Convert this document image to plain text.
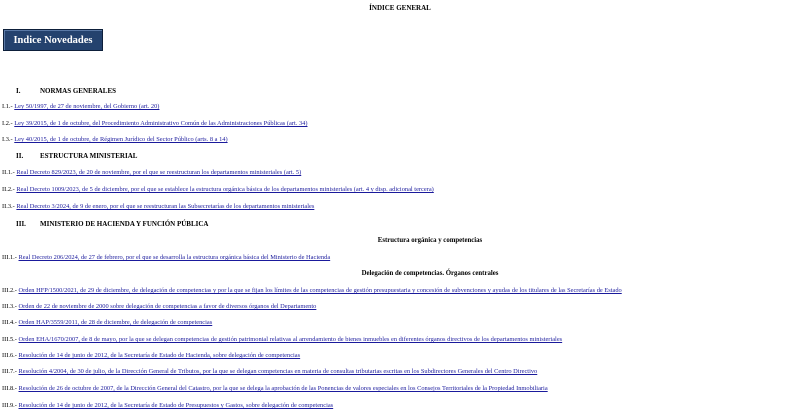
ÍNDICE GENERAL
Indice Novedades
I.	NORMAS GENERALES
I.1.- Ley 50/1997, de 27 de noviembre, del Gobierno (art. 20)
I.2.- Ley 39/2015, de 1 de octubre, del Procedimiento Administrativo Común de las Administraciones Públicas (art. 34)
I.3.- Ley 40/2015, de 1 de octubre, de Régimen Jurídico del Sector Público (arts. 8 a 14)
II. ESTRUCTURA MINISTERIAL
II.1.- Real Decreto 829/2023, de 20 de noviembre, por el que se reestructuran los departamentos ministeriales (art. 5)
II.2.- Real Decreto 1009/2023, de 5 de diciembre, por el que se establece la estructura orgánica básica de los departamentos ministeriales (art. 4 y disp. adicional tercera)
II.3.- Real Decreto 3/2024, de 9 de enero, por el que se reestructuran las Subsecretarías de los departamentos ministeriales
III. MINISTERIO DE HACIENDA Y FUNCIÓN PÚBLICA
Estructura orgánica y competencias
III.1.- Real Decreto 206/2024, de 27 de febrero, por el que se desarrolla la estructura orgánica básica del Ministerio de Hacienda
Delegación de competencias. Órganos centrales
III.2.- Orden HFP/1500/2021, de 29 de diciembre, de delegación de competencias y por la que se fijan los límites de las competencias de gestión presupuestaria y concesión de subvenciones y ayudas de los titulares de las Secretarías de Estado
III.3.- Orden de 22 de noviembre de 2000 sobre delegación de competencias a favor de diversos órganos del Departamento
III.4.- Orden HAP/3559/2011, de 28 de diciembre, de delegación de competencias
III.5.- Orden EHA/1670/2007, de 8 de mayo, por la que se delegan competencias de gestión patrimonial relativas al arrendamiento de bienes inmuebles en diferentes órganos directivos de los departamentos ministeriales
III.6.- Resolución de 14 de junio de 2012, de la Secretaría de Estado de Hacienda, sobre delegación de competencias
III.7.- Resolución 4/2004, de 30 de julio, de la Dirección General de Tributos, por la que se delegan competencias en materia de consultas tributarias escritas en los Subdirectores Generales del Centro Directivo
III.8.- Resolución de 26 de octubre de 2007, de la Dirección General del Catastro, por la que se delega la aprobación de las Ponencias de valores especiales en los Consejos Territoriales de la Propiedad Inmobiliaria
III.9.- Resolución de 14 de junio de 2012, de la Secretaría de Estado de Presupuestos y Gastos, sobre delegación de competencias
